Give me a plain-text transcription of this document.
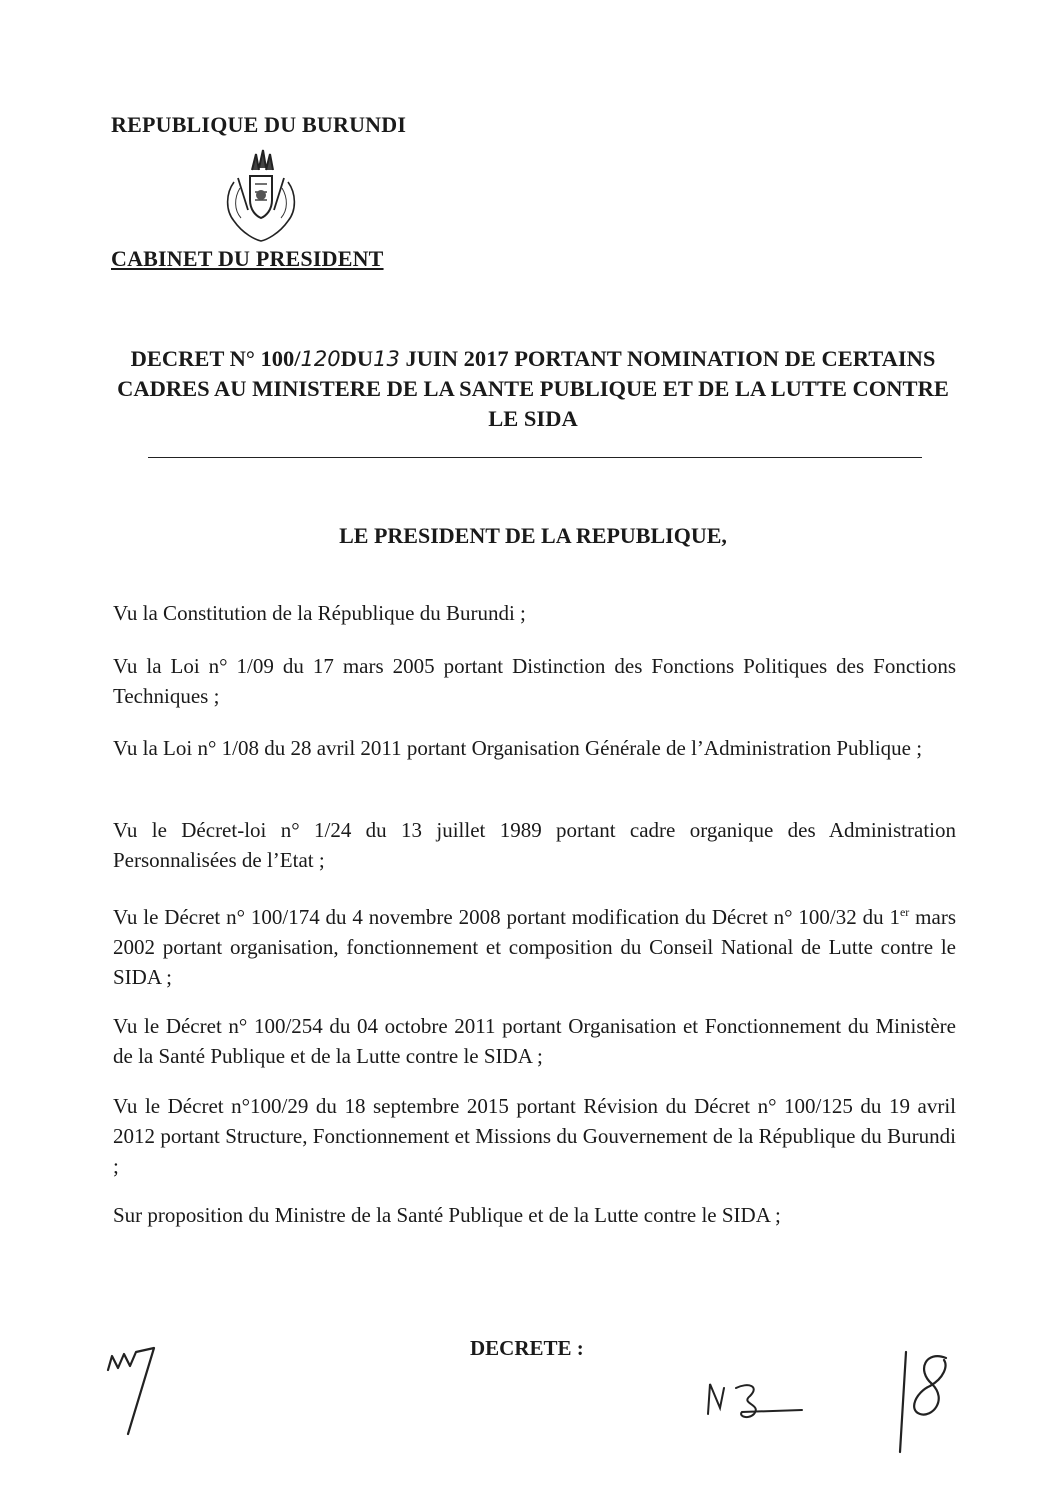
REPUBLIQUE DU BURUNDI
CABINET DU PRESIDENT
DECRET N° 100/120DU13 JUIN 2017 PORTANT NOMINATION DE CERTAINS CADRES AU MINISTERE DE LA SANTE PUBLIQUE ET DE LA LUTTE CONTRE LE SIDA
LE PRESIDENT DE LA REPUBLIQUE,
Vu la Constitution de la République du Burundi ;
Vu la Loi n° 1/09 du 17 mars 2005 portant Distinction des Fonctions Politiques des Fonctions Techniques ;
Vu la Loi n° 1/08 du 28 avril 2011 portant Organisation Générale de l’Administration Publique ;
Vu le Décret-loi n° 1/24 du 13 juillet 1989 portant cadre organique des Administration Personnalisées de l’Etat ;
Vu le Décret n° 100/174 du 4 novembre 2008 portant modification du Décret n° 100/32 du 1er mars 2002 portant organisation, fonctionnement et composition du Conseil National de Lutte contre le SIDA ;
Vu le Décret n° 100/254 du 04 octobre 2011 portant Organisation et Fonctionnement du Ministère de la Santé Publique et de la Lutte contre le SIDA ;
Vu le Décret n°100/29 du 18 septembre 2015 portant Révision du Décret n° 100/125 du 19 avril 2012 portant Structure, Fonctionnement et Missions du Gouvernement de la République du Burundi ;
Sur proposition du Ministre de la Santé Publique et de la Lutte contre le SIDA ;
DECRETE :
